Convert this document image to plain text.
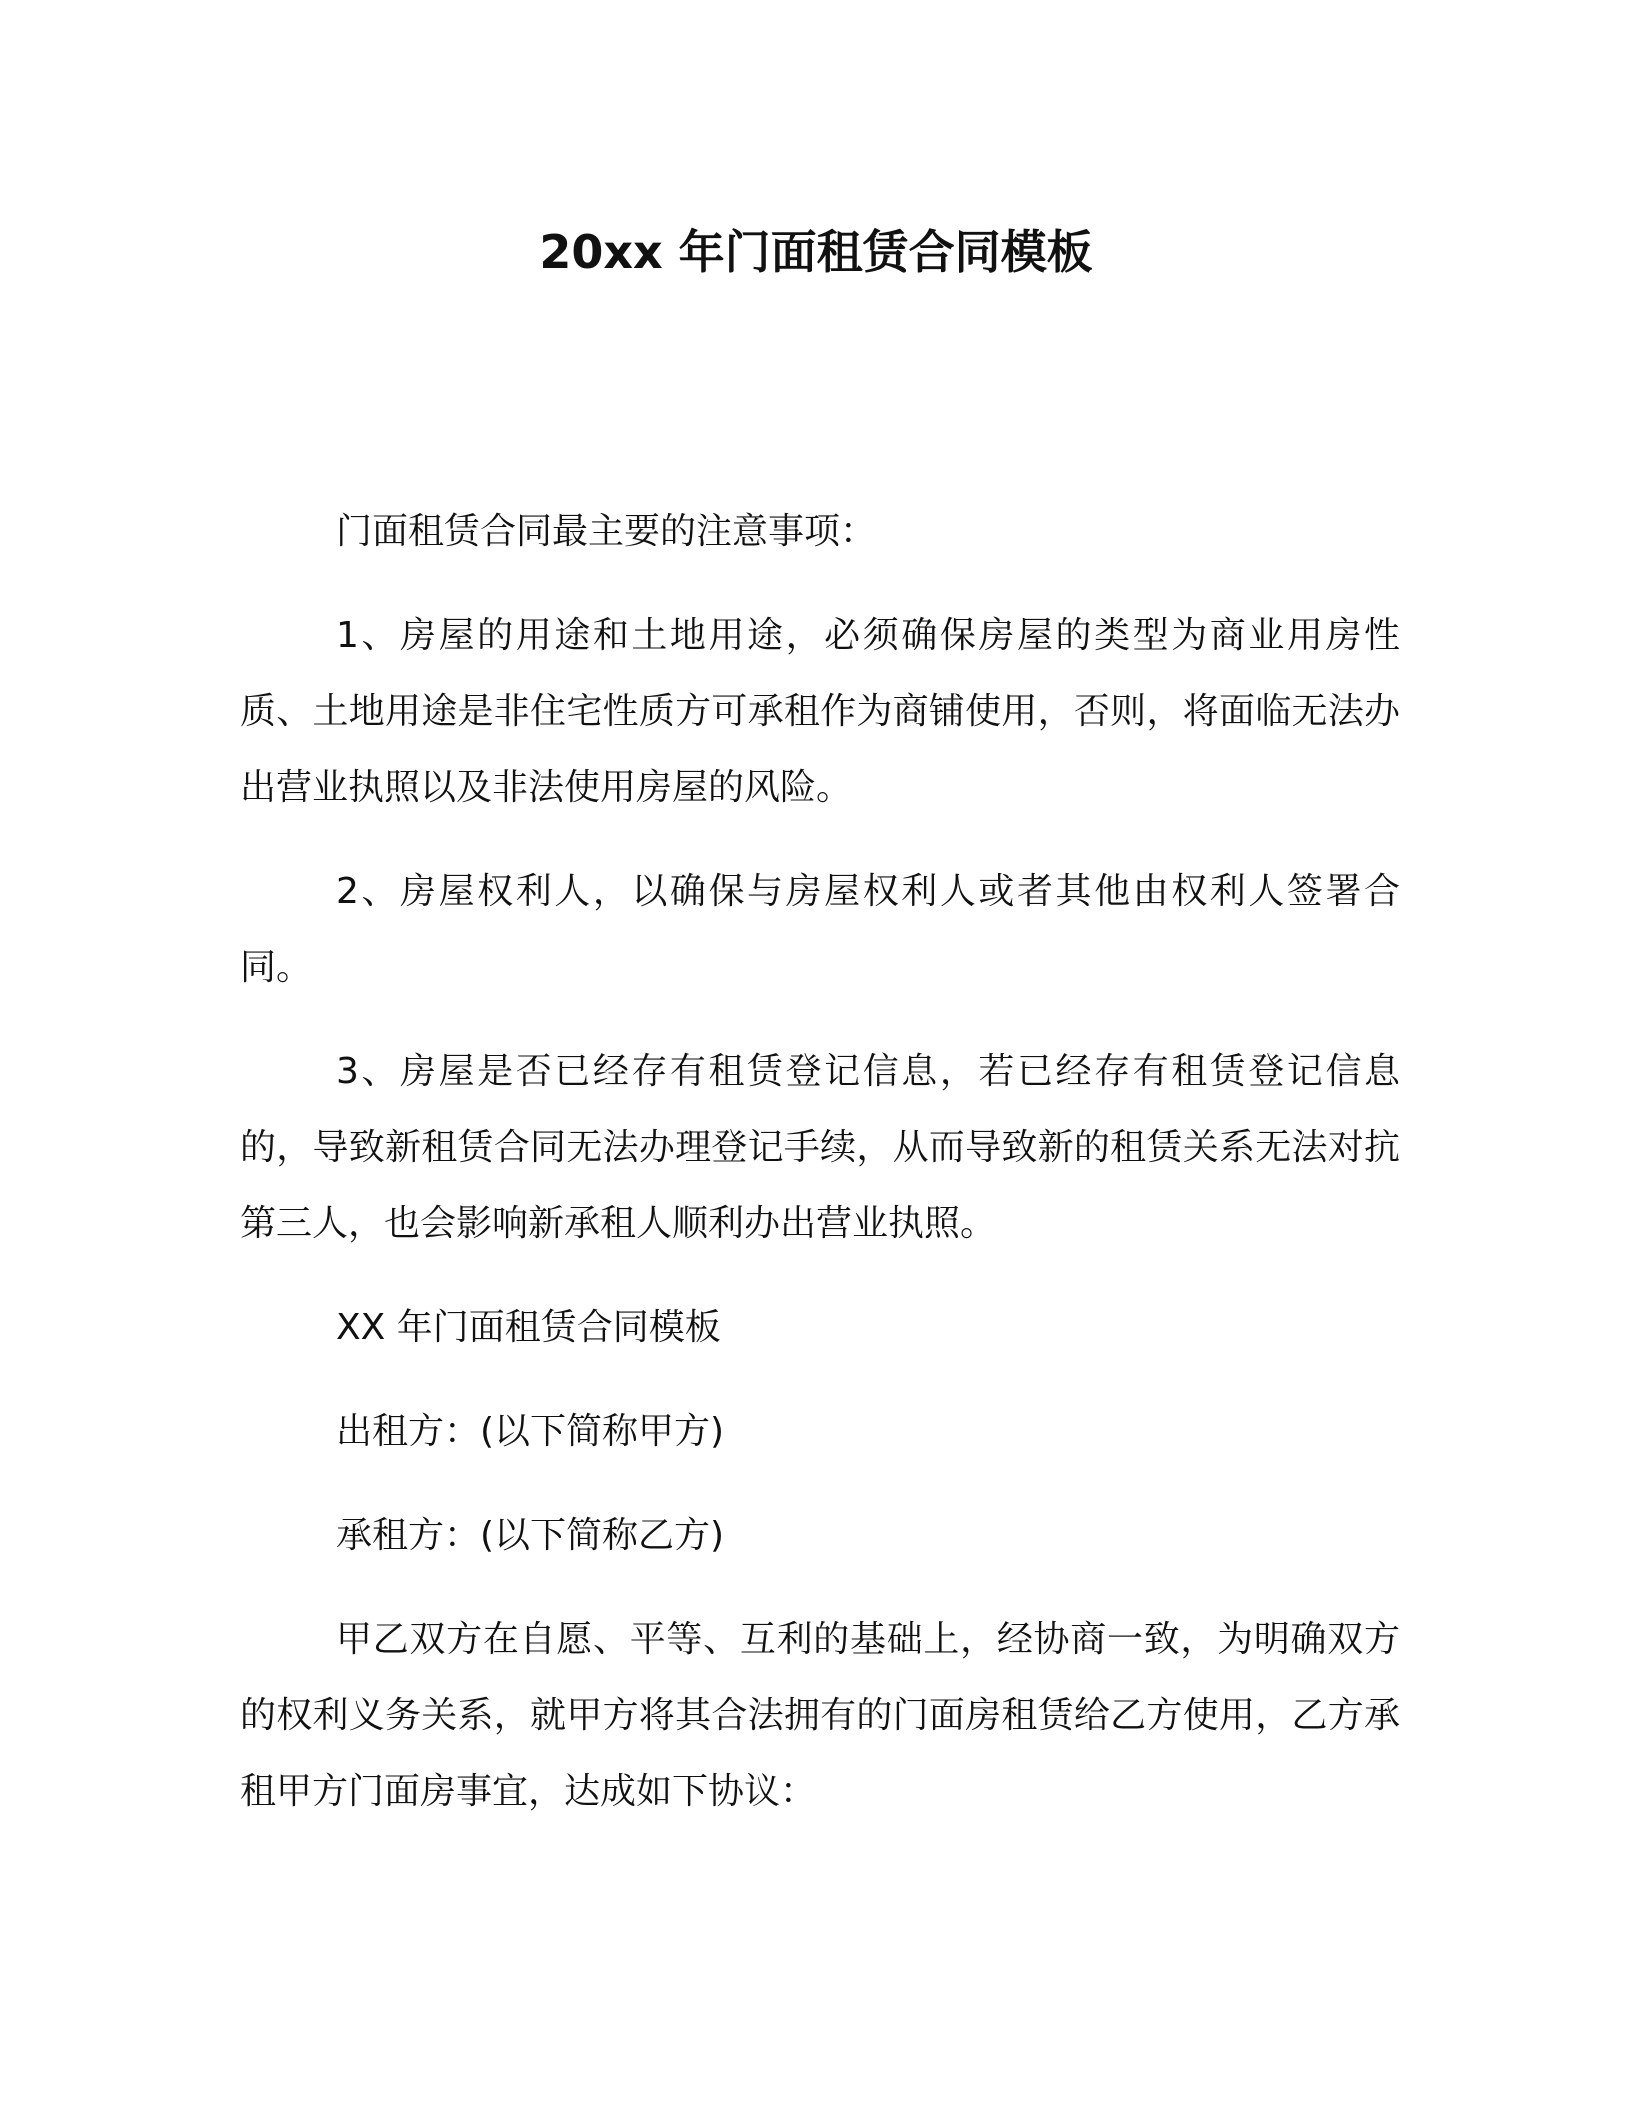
20xx 年门面租赁合同模板

门面租赁合同最主要的注意事项：

1、房屋的用途和土地用途，必须确保房屋的类型为商业用房性质、土地用途是非住宅性质方可承租作为商铺使用，否则，将面临无法办出营业执照以及非法使用房屋的风险。

2、房屋权利人，以确保与房屋权利人或者其他由权利人签署合同。

3、房屋是否已经存有租赁登记信息，若已经存有租赁登记信息的，导致新租赁合同无法办理登记手续，从而导致新的租赁关系无法对抗第三人，也会影响新承租人顺利办出营业执照。

XX 年门面租赁合同模板

出租方：(以下简称甲方)

承租方：(以下简称乙方)

甲乙双方在自愿、平等、互利的基础上，经协商一致，为明确双方的权利义务关系，就甲方将其合法拥有的门面房租赁给乙方使用，乙方承租甲方门面房事宜，达成如下协议：
